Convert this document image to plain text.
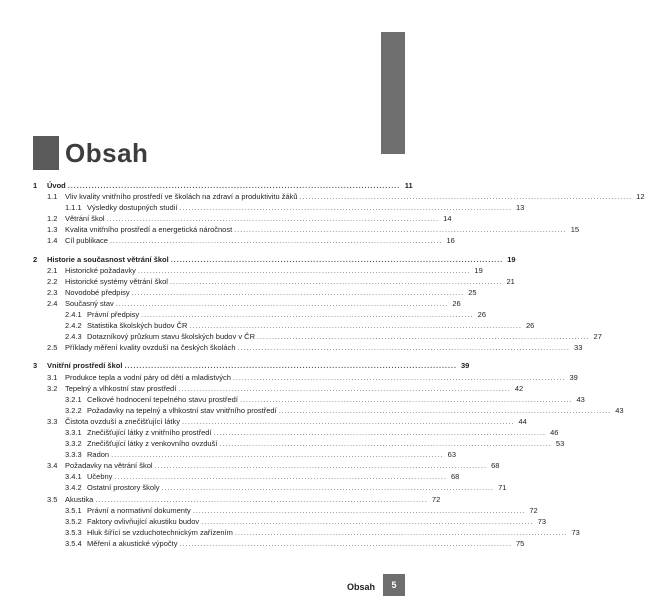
Obsah
1	Úvod . . .	11
1.1	Vliv kvality vnitřního prostředí ve školách na zdraví a produktivitu žáků . . .	12
1.1.1 Výsledky dostupných studií . . .	13
1.2	Větrání škol . . .	14
1.3	Kvalita vnitřního prostředí a energetická náročnost . . .	15
1.4	Cíl publikace . . .	16
2	Historie a současnost větrání škol . . .	19
2.1	Historické požadavky . . .	19
2.2	Historické systémy větrání škol . . .	21
2.3	Novodobé předpisy . . .	25
2.4	Současný stav . . .	26
2.4.1 Právní předpisy . . .	26
2.4.2 Statistika školských budov ČR . . .	26
2.4.3 Dotazníkový průzkum stavu školských budov v ČR . . .	27
2.5	Příklady měření kvality ovzduší na českých školách . . .	33
3	Vnitřní prostředí škol . . .	39
3.1	Produkce tepla a vodní páry od dětí a mladistvých . . .	39
3.2	Tepelný a vlhkostní stav prostředí . . .	42
3.2.1 Celkové hodnocení tepelného stavu prostředí . . .	43
3.2.2 Požadavky na tepelný a vlhkostní stav vnitřního prostředí . . .	43
3.3	Čistota ovzduší a znečišťující látky . . .	44
3.3.1 Znečišťující látky z vnitřního prostředí . . .	46
3.3.2 Znečišťující látky z venkovního ovzduší . . .	53
3.3.3 Radon . . .	63
3.4	Požadavky na větrání škol . . .	68
3.4.1 Učebny . . .	68
3.4.2 Ostatní prostory školy . . .	71
3.5	Akustika . . .	72
3.5.1 Právní a normativní dokumenty . . .	72
3.5.2 Faktory ovlivňující akustiku budov . . .	73
3.5.3 Hluk šířící se vzduchotechnickým zařízením . . .	73
3.5.4 Měření a akustické výpočty . . .	75
Obsah	5
